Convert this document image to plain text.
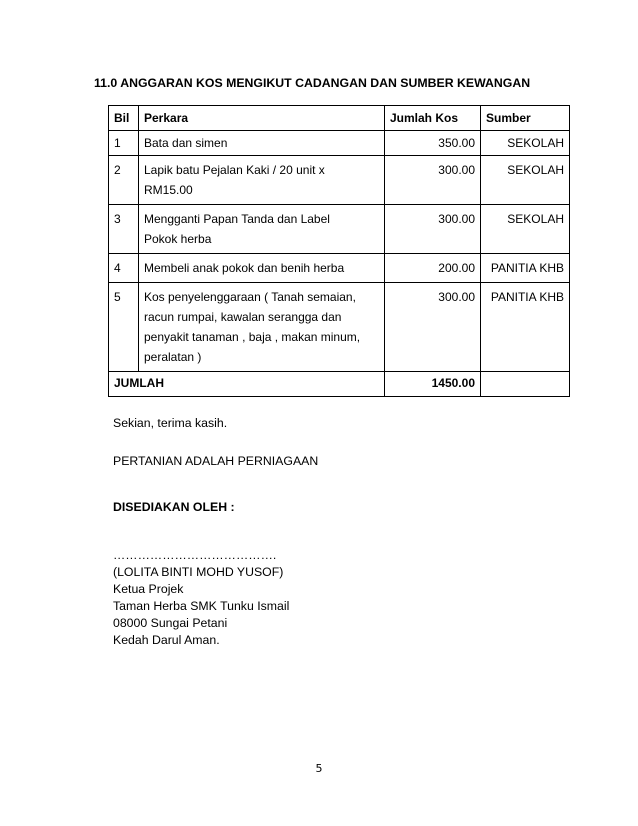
11.0 ANGGARAN KOS MENGIKUT CADANGAN DAN SUMBER KEWANGAN
Bil	Perkara	Jumlah Kos	Sumber
1	Bata dan simen	350.00	SEKOLAH
2	Lapik batu Pejalan Kaki / 20 unit x
RM15.00	300.00	SEKOLAH
3	Mengganti Papan Tanda dan Label
Pokok herba	300.00	SEKOLAH
4	Membeli anak pokok dan benih herba	200.00	PANITIA KHB
5	Kos penyelenggaraan ( Tanah semaian,
racun rumpai, kawalan serangga dan
penyakit tanaman , baja , makan minum,
peralatan )	300.00	PANITIA KHB
JUMLAH		1450.00	
Sekian, terima kasih.
PERTANIAN ADALAH PERNIAGAAN
DISEDIAKAN OLEH :
………………………………….
(LOLITA BINTI MOHD YUSOF)
Ketua Projek
Taman Herba SMK Tunku Ismail
08000 Sungai Petani
Kedah Darul Aman.
5
